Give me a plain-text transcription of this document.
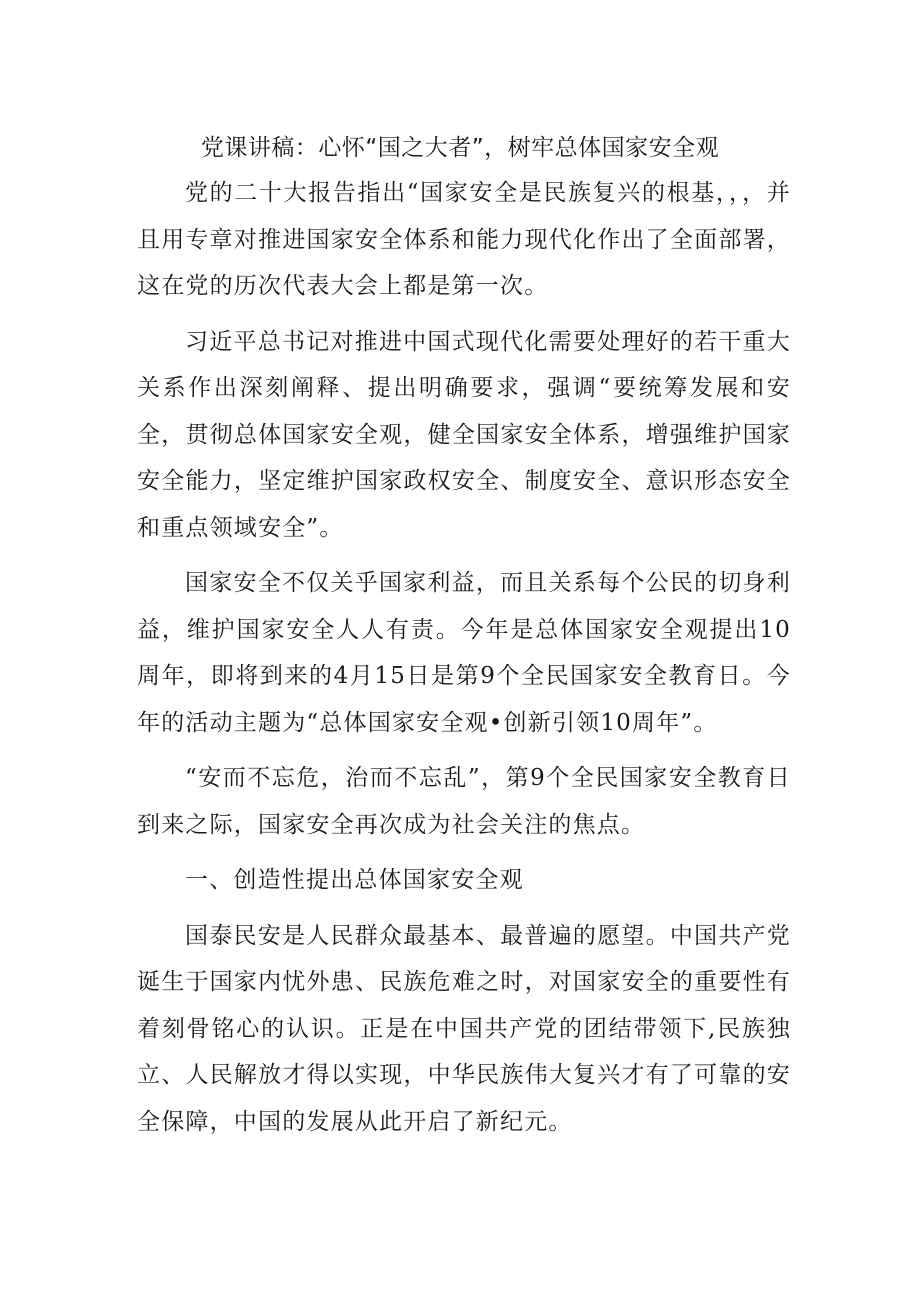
党课讲稿：心怀“国之大者”，树牢总体国家安全观

党的二十大报告指出“国家安全是民族复兴的根基，，，并且用专章对推进国家安全体系和能力现代化作出了全面部署，这在党的历次代表大会上都是第一次。

习近平总书记对推进中国式现代化需要处理好的若干重大关系作出深刻阐释、提出明确要求，强调“要统筹发展和安全，贯彻总体国家安全观，健全国家安全体系，增强维护国家安全能力，坚定维护国家政权安全、制度安全、意识形态安全和重点领域安全”。

国家安全不仅关乎国家利益，而且关系每个公民的切身利益，维护国家安全人人有责。今年是总体国家安全观提出10周年，即将到来的4月15日是第9个全民国家安全教育日。今年的活动主题为“总体国家安全观•创新引领10周年”。

“安而不忘危，治而不忘乱”，第9个全民国家安全教育日到来之际，国家安全再次成为社会关注的焦点。

一、创造性提出总体国家安全观

国泰民安是人民群众最基本、最普遍的愿望。中国共产党诞生于国家内忧外患、民族危难之时，对国家安全的重要性有着刻骨铭心的认识。正是在中国共产党的团结带领下,民族独立、人民解放才得以实现，中华民族伟大复兴才有了可靠的安全保障，中国的发展从此开启了新纪元。
